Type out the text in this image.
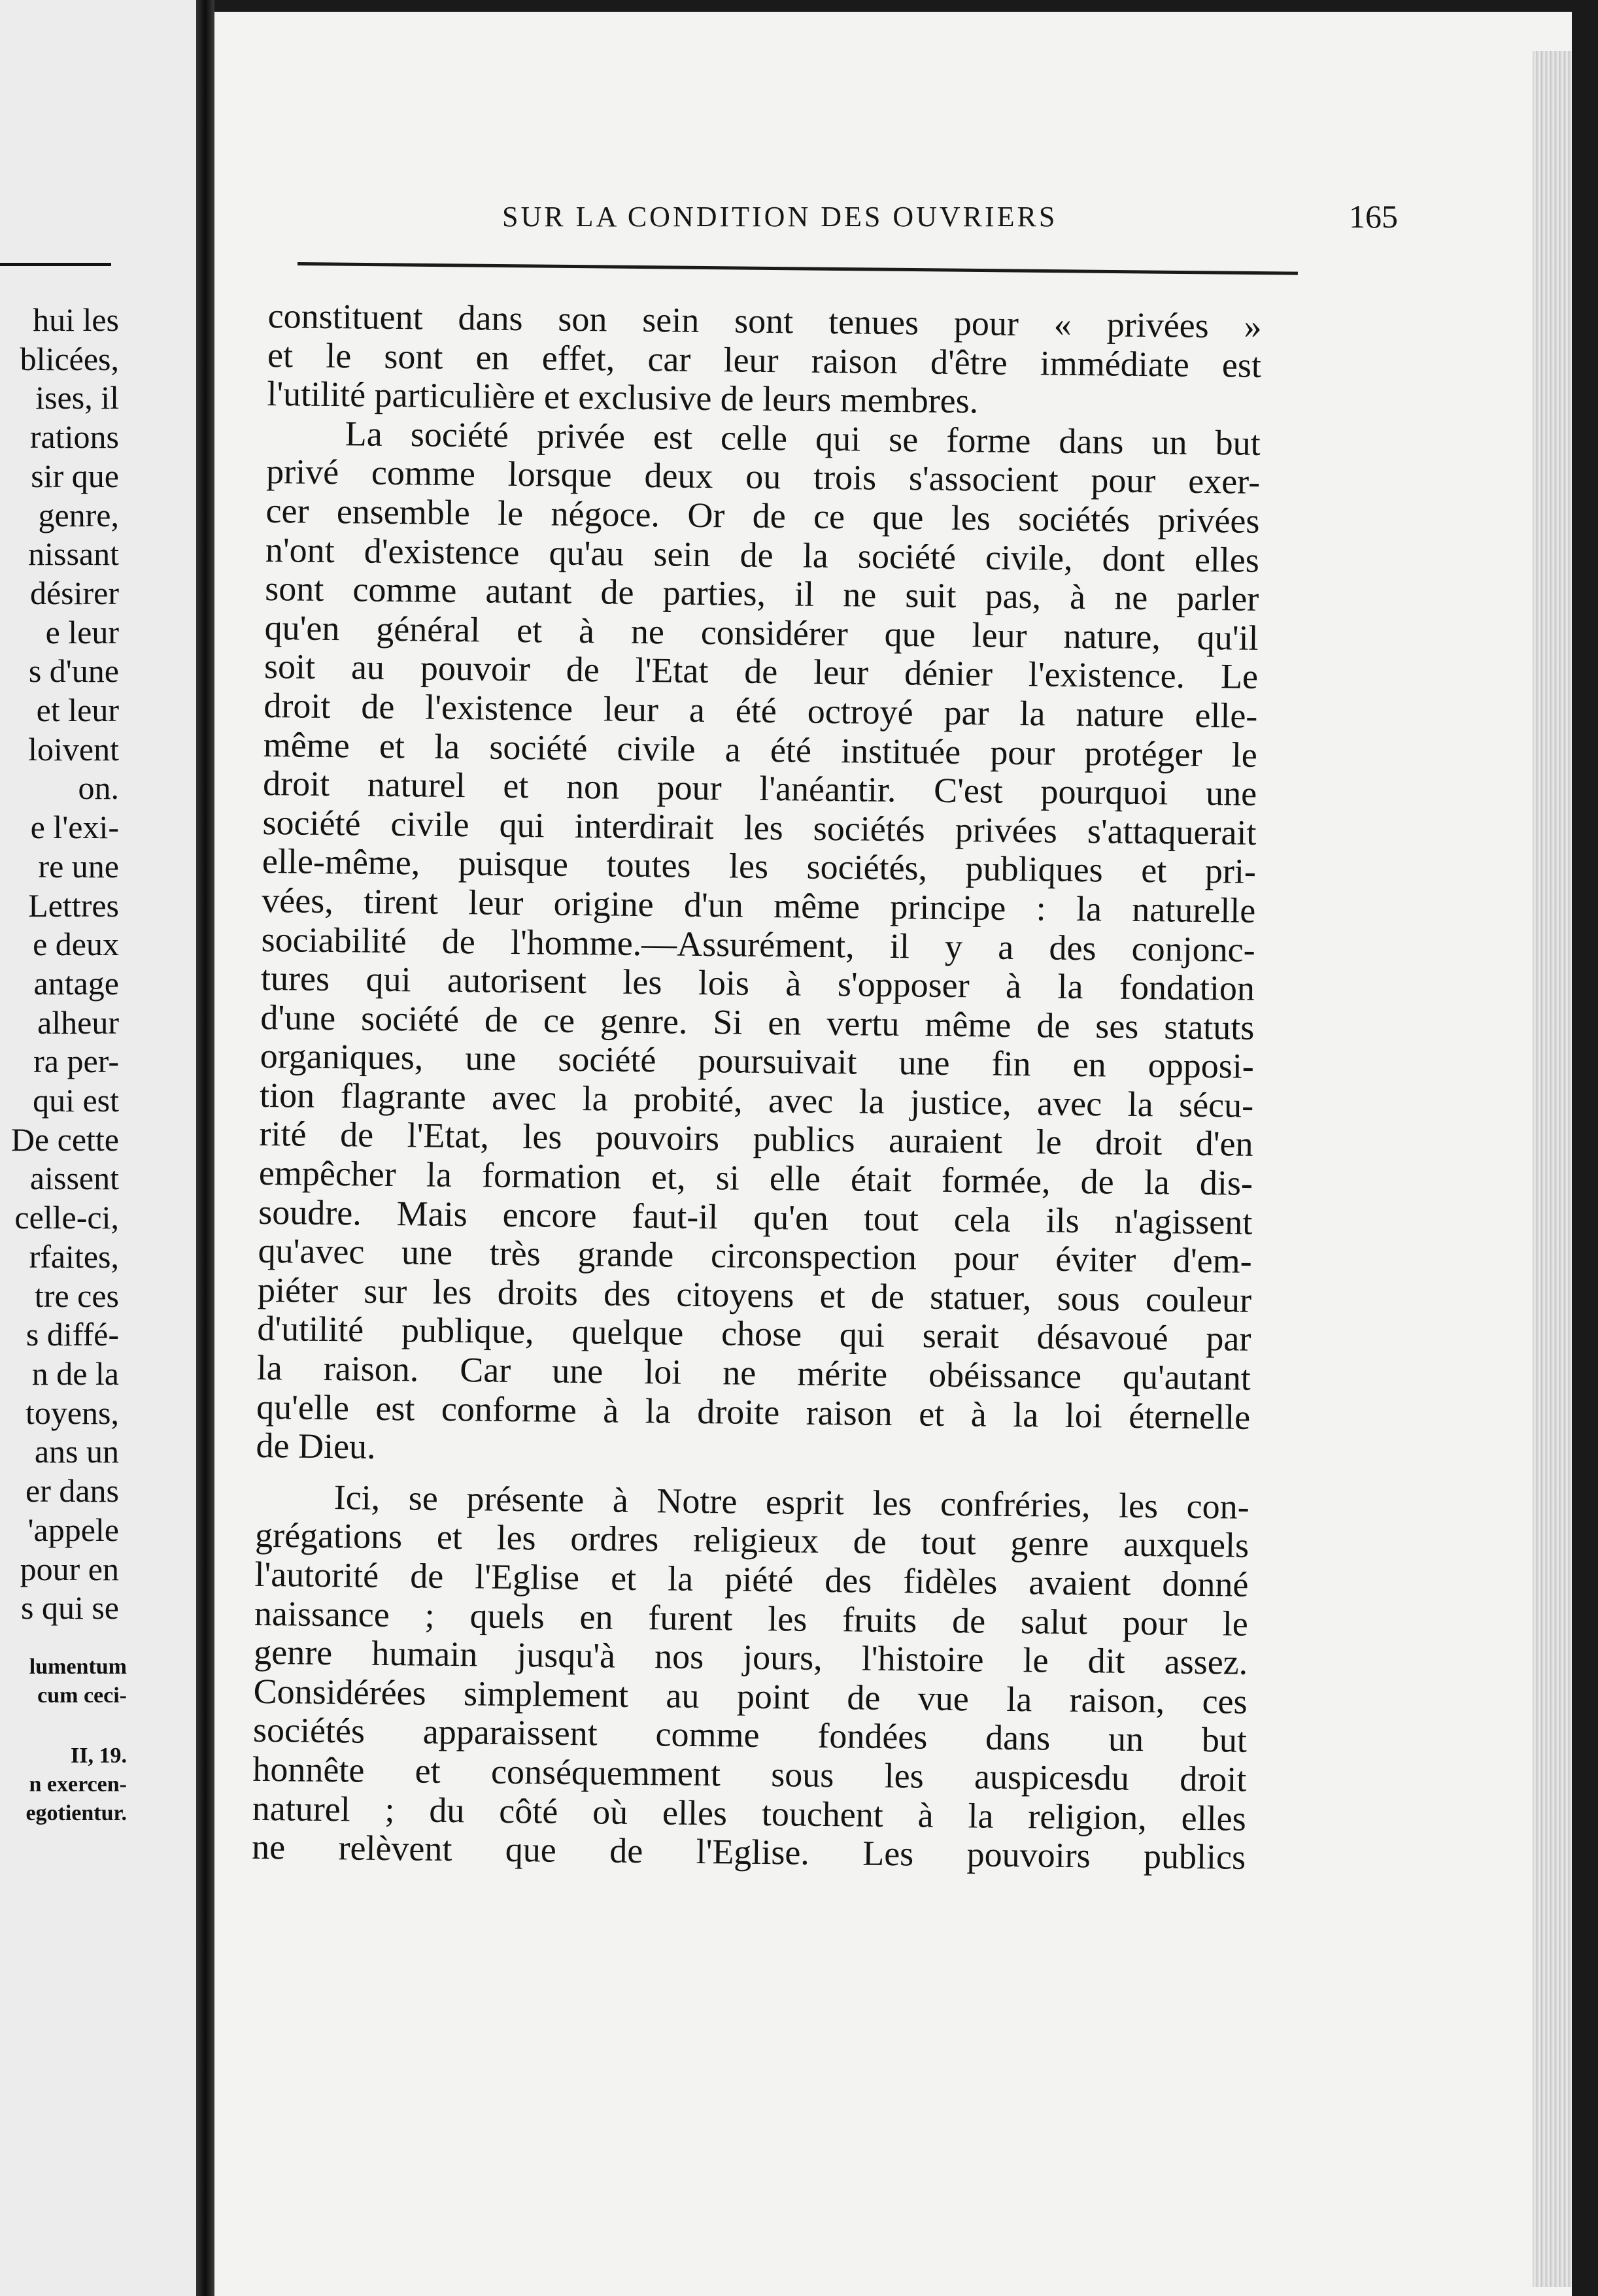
hui les
blicées,
ises, il
rations
sir que
genre,
nissant
désirer
e leur
s d'une
et leur
loivent
on.
e l'exi-
re une
Lettres
e deux
antage
alheur
ra per-
qui est
De cette
aissent
celle-ci,
rfaites,
tre ces
s diffé-
n de la
toyens,
ans un
er dans
'appele
pour en
s qui se
lumentum
cum ceci-
II, 19.
n exercen-
egotientur.
SUR LA CONDITION DES OUVRIERS	165
constituent dans son sein sont tenues pour « privées »
et le sont en effet, car leur raison d'être immédiate est
l'utilité particulière et exclusive de leurs membres.
La société privée est celle qui se forme dans un but
privé comme lorsque deux ou trois s'associent pour exer-
cer ensemble le négoce. Or de ce que les sociétés privées
n'ont d'existence qu'au sein de la société civile, dont elles
sont comme autant de parties, il ne suit pas, à ne parler
qu'en général et à ne considérer que leur nature, qu'il
soit au pouvoir de l'Etat de leur dénier l'existence. Le
droit de l'existence leur a été octroyé par la nature elle-
même et la société civile a été instituée pour protéger le
droit naturel et non pour l'anéantir. C'est pourquoi une
société civile qui interdirait les sociétés privées s'attaquerait
elle-même, puisque toutes les sociétés, publiques et pri-
vées, tirent leur origine d'un même principe : la naturelle
sociabilité de l'homme.—Assurément, il y a des conjonc-
tures qui autorisent les lois à s'opposer à la fondation
d'une société de ce genre. Si en vertu même de ses statuts
organiques, une société poursuivait une fin en opposi-
tion flagrante avec la probité, avec la justice, avec la sécu-
rité de l'Etat, les pouvoirs publics auraient le droit d'en
empêcher la formation et, si elle était formée, de la dis-
soudre. Mais encore faut-il qu'en tout cela ils n'agissent
qu'avec une très grande circonspection pour éviter d'em-
piéter sur les droits des citoyens et de statuer, sous couleur
d'utilité publique, quelque chose qui serait désavoué par
la raison. Car une loi ne mérite obéissance qu'autant
qu'elle est conforme à la droite raison et à la loi éternelle
de Dieu.
Ici, se présente à Notre esprit les confréries, les con-
grégations et les ordres religieux de tout genre auxquels
l'autorité de l'Eglise et la piété des fidèles avaient donné
naissance ; quels en furent les fruits de salut pour le
genre humain jusqu'à nos jours, l'histoire le dit assez.
Considérées simplement au point de vue la raison, ces
sociétés apparaissent comme fondées dans un but
honnête et conséquemment sous les auspicesdu droit
naturel ; du côté où elles touchent à la religion, elles
ne relèvent que de l'Eglise. Les pouvoirs publics
